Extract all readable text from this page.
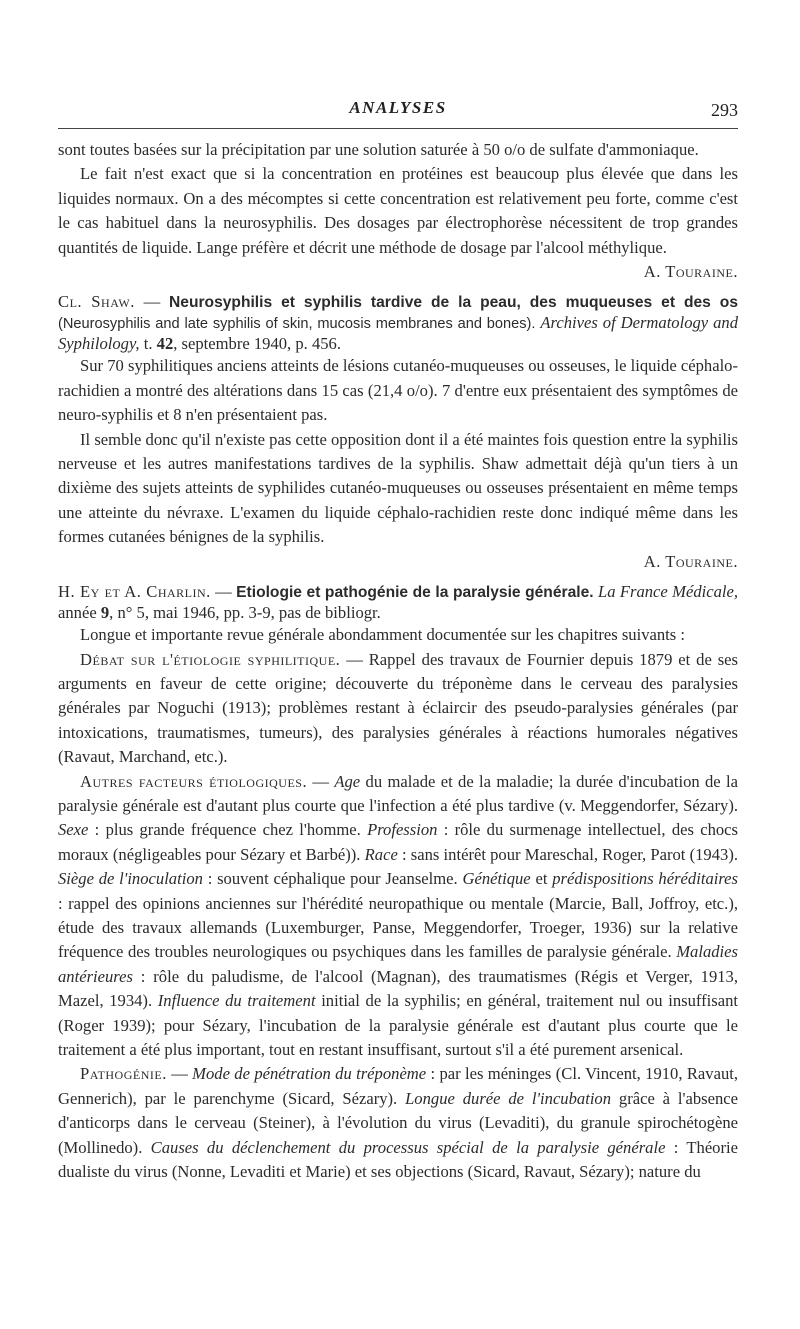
ANALYSES	293

sont toutes basées sur la précipitation par une solution saturée à 50 o/o de sulfate d'ammoniaque.

Le fait n'est exact que si la concentration en protéines est beaucoup plus élevée que dans les liquides normaux. On a des mécomptes si cette concentration est relativement peu forte, comme c'est le cas habituel dans la neurosyphilis. Des dosages par électrophorèse nécessitent de trop grandes quantités de liquide. Lange préfère et décrit une méthode de dosage par l'alcool méthylique.

A. Touraine.

Cl. Shaw. — Neurosyphilis et syphilis tardive de la peau, des muqueuses et des os (Neurosyphilis and late syphilis of skin, mucosis membranes and bones). Archives of Dermatology and Syphilology, t. 42, septembre 1940, p. 456.

Sur 70 syphilitiques anciens atteints de lésions cutanéo-muqueuses ou osseuses, le liquide céphalo-rachidien a montré des altérations dans 15 cas (21,4 o/o). 7 d'entre eux présentaient des symptômes de neuro-syphilis et 8 n'en présentaient pas.

Il semble donc qu'il n'existe pas cette opposition dont il a été maintes fois question entre la syphilis nerveuse et les autres manifestations tardives de la syphilis. Shaw admettait déjà qu'un tiers à un dixième des sujets atteints de syphilides cutanéo-muqueuses ou osseuses présentaient en même temps une atteinte du névraxe. L'examen du liquide céphalo-rachidien reste donc indiqué même dans les formes cutanées bénignes de la syphilis.

A. Touraine.

H. Ey et A. Charlin. — Etiologie et pathogénie de la paralysie générale. La France Médicale, année 9, n° 5, mai 1946, pp. 3-9, pas de bibliogr.

Longue et importante revue générale abondamment documentée sur les chapitres suivants :

Débat sur l'étiologie syphilitique. — Rappel des travaux de Fournier depuis 1879 et de ses arguments en faveur de cette origine; découverte du tréponème dans le cerveau des paralysies générales par Noguchi (1913); problèmes restant à éclaircir des pseudo-paralysies générales (par intoxications, traumatismes, tumeurs), des paralysies générales à réactions humorales négatives (Ravaut, Marchand, etc.).

Autres facteurs étiologiques. — Age du malade et de la maladie; la durée d'incubation de la paralysie générale est d'autant plus courte que l'infection a été plus tardive (v. Meggendorfer, Sézary). Sexe : plus grande fréquence chez l'homme. Profession : rôle du surmenage intellectuel, des chocs moraux (négligeables pour Sézary et Barbé)). Race : sans intérêt pour Mareschal, Roger, Parot (1943). Siège de l'inoculation : souvent céphalique pour Jeanselme. Génétique et prédispositions héréditaires : rappel des opinions anciennes sur l'hérédité neuropathique ou mentale (Marcie, Ball, Joffroy, etc.), étude des travaux allemands (Luxemburger, Panse, Meggendorfer, Troeger, 1936) sur la relative fréquence des troubles neurologiques ou psychiques dans les familles de paralysie générale. Maladies antérieures : rôle du paludisme, de l'alcool (Magnan), des traumatismes (Régis et Verger, 1913, Mazel, 1934). Influence du traitement initial de la syphilis; en général, traitement nul ou insuffisant (Roger 1939); pour Sézary, l'incubation de la paralysie générale est d'autant plus courte que le traitement a été plus important, tout en restant insuffisant, surtout s'il a été purement arsenical.

Pathogénie. — Mode de pénétration du tréponème : par les méninges (Cl. Vincent, 1910, Ravaut, Gennerich), par le parenchyme (Sicard, Sézary). Longue durée de l'incubation grâce à l'absence d'anticorps dans le cerveau (Steiner), à l'évolution du virus (Levaditi), du granule spirochétogène (Mollinedo). Causes du déclenchement du processus spécial de la paralysie générale : Théorie dualiste du virus (Nonne, Levaditi et Marie) et ses objections (Sicard, Ravaut, Sézary); nature du
